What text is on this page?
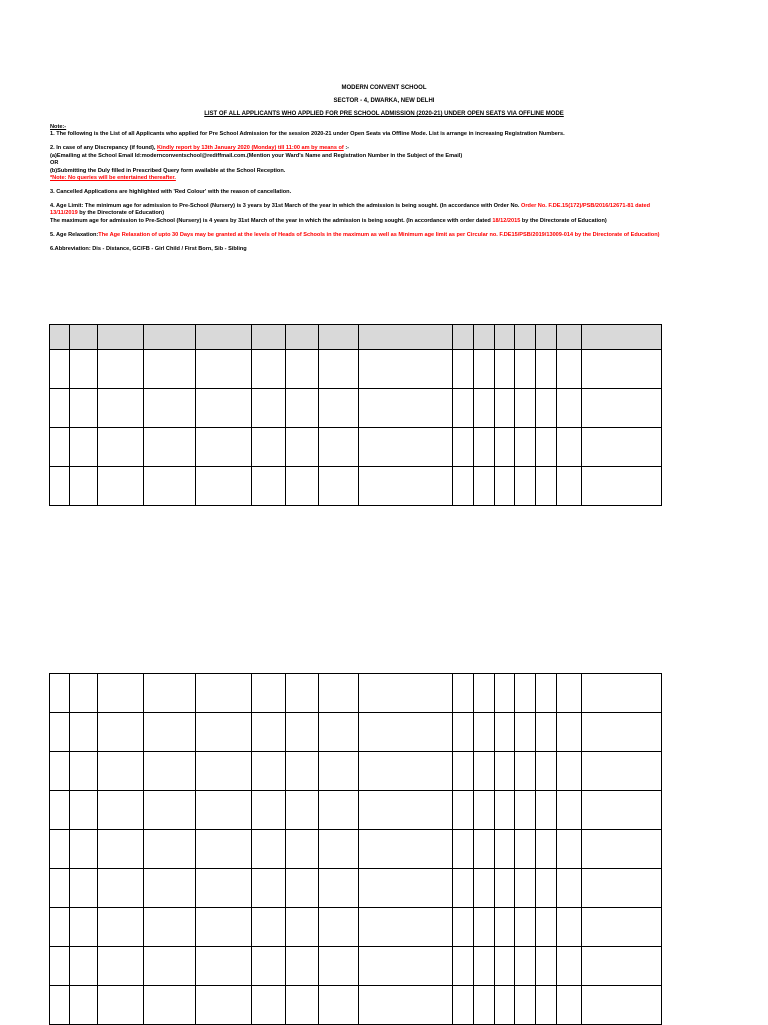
MODERN CONVENT SCHOOL
SECTOR - 4, DWARKA, NEW DELHI
LIST OF ALL APPLICANTS WHO APPLIED FOR PRE SCHOOL ADMISSION (2020-21) UNDER OPEN SEATS VIA OFFLINE MODE

Note:-

1. The following is the List of all Applicants who applied for Pre School Admission for the session 2020-21 under Open Seats via Offline Mode. List is arrange in increasing Registration Numbers.

2. In case of any Discrepancy (if found), Kindly report by 13th January 2020 (Monday) till 11:00 am by means of :-

(a)Emailing at the School Email Id:modernconventschool@rediffmail.com.(Mention your Ward's Name and Registration Number in the Subject of the Email)

OR

(b)Submitting the Duly filled in Prescribed Query form available at the School Reception.

*Note: No queries will be entertained thereafter.

3. Cancelled Applications are highlighted with 'Red Colour' with the reason of cancellation.

4. Age Limit: The minimum age for admission to Pre-School (Nursery) is 3 years by 31st March of the year in which the admission is being sought. (In accordance with Order No. Order No. F.DE.15(172)/PSB/2016/12671-81 dated 13/11/2019 by the Directorate of Education)

The maximum age for admission to Pre-School (Nursery) is 4 years by 31st March of the year in which the admission is being sought. (In accordance with order dated 18/12/2015 by the Directorate of Education)

5. Age Relaxation:The Age Relaxation of upto 30 Days may be granted at the levels of Heads of Schools in the maximum as well as Minimum age limit as per Circular no. F.DE15/PSB/2019/13009-014 by the Directorate of Education)

6.Abbreviation: Dis - Distance, GC/FB - Girl Child / First Born, Sib - Sibling
